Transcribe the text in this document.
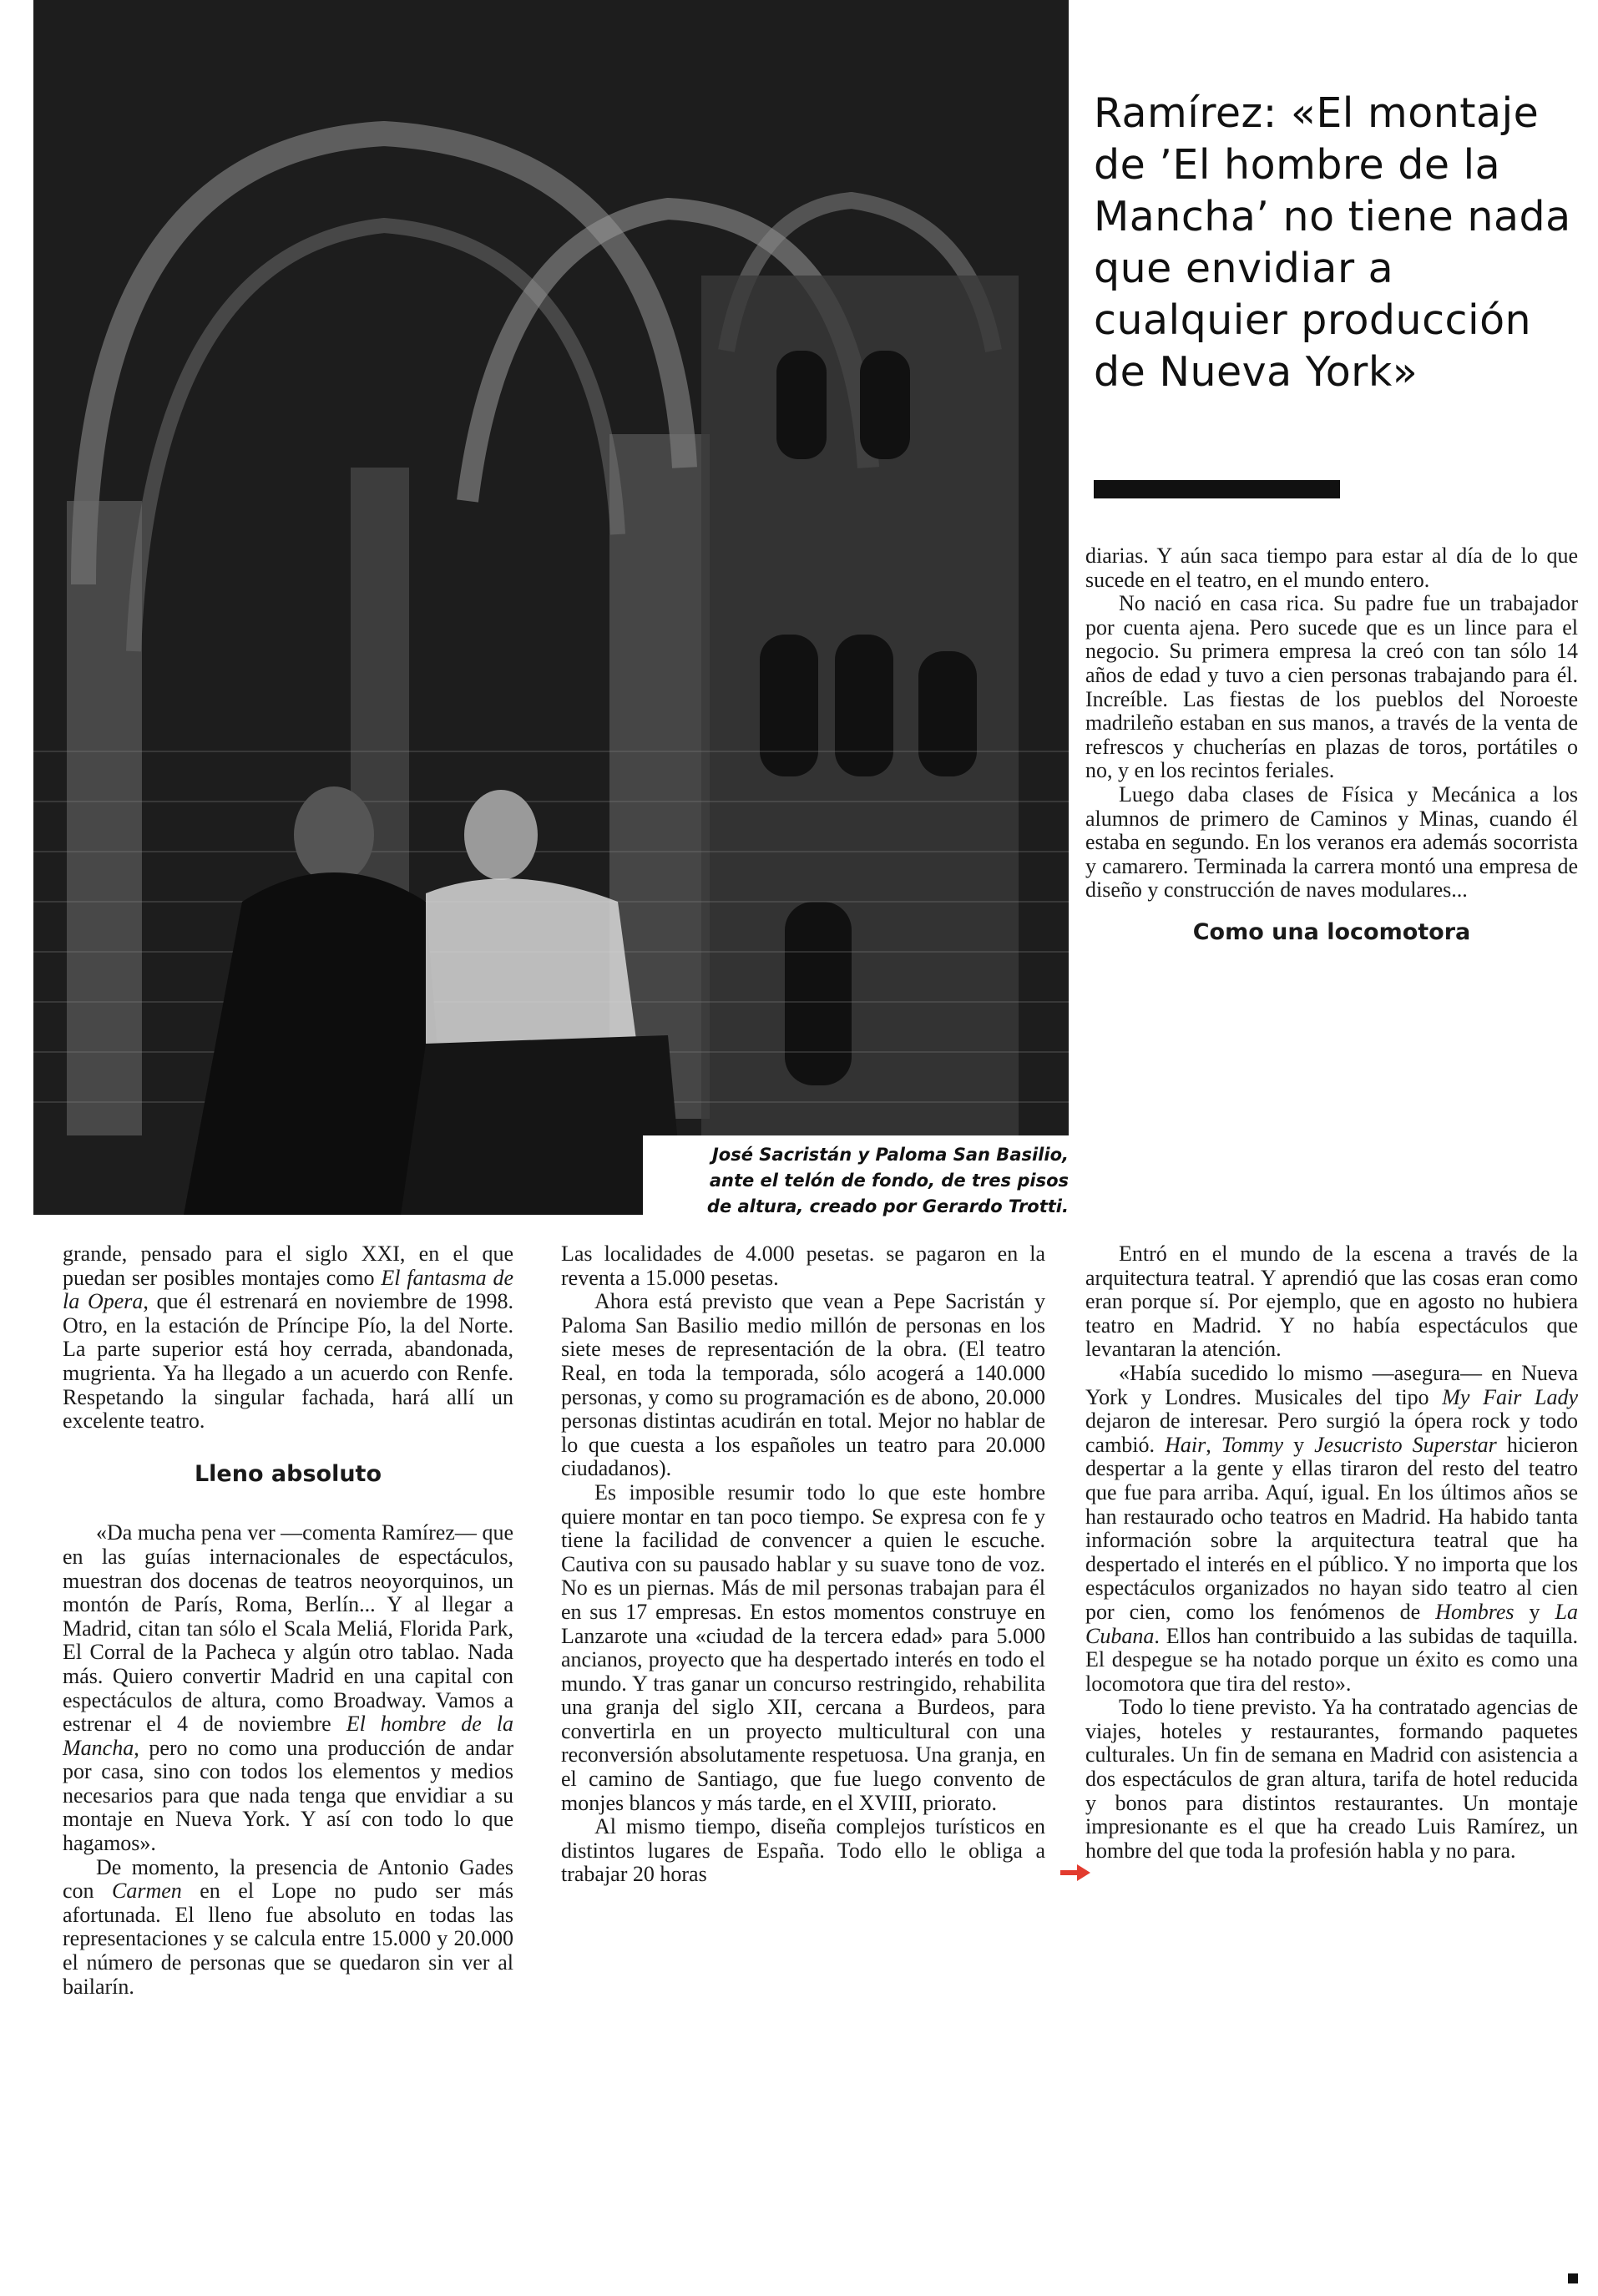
José Sacristán y Paloma San Basilio,
ante el telón de fondo, de tres pisos
de altura, creado por Gerardo Trotti.
Ramírez: «El montaje de ’El hombre de la Mancha’ no tiene nada que envidiar a cualquier producción de Nueva York»

grande, pensado para el siglo XXI, en el que puedan ser posibles montajes como El fantasma de la Opera, que él estrenará en noviembre de 1998. Otro, en la estación de Príncipe Pío, la del Norte. La parte superior está hoy cerrada, abandonada, mugrienta. Ya ha llegado a un acuerdo con Renfe. Respetando la singular fachada, hará allí un excelente teatro.

Lleno absoluto

«Da mucha pena ver —comenta Ramírez— que en las guías internacionales de espectáculos, muestran dos docenas de teatros neoyorquinos, un montón de París, Roma, Berlín... Y al llegar a Madrid, citan tan sólo el Scala Meliá, Florida Park, El Corral de la Pacheca y algún otro tablao. Nada más. Quiero convertir Madrid en una capital con espectáculos de altura, como Broadway. Vamos a estrenar el 4 de noviembre El hombre de la Mancha, pero no como una producción de andar por casa, sino con todos los elementos y medios necesarios para que nada tenga que envidiar a su montaje en Nueva York. Y así con todo lo que hagamos».

De momento, la presencia de Antonio Gades con Carmen en el Lope no pudo ser más afortunada. El lleno fue absoluto en todas las representaciones y se calcula entre 15.000 y 20.000 el número de personas que se quedaron sin ver al bailarín.

Las localidades de 4.000 pesetas. se pagaron en la reventa a 15.000 pesetas.

Ahora está previsto que vean a Pepe Sacristán y Paloma San Basilio medio millón de personas en los siete meses de representación de la obra. (El teatro Real, en toda la temporada, sólo acogerá a 140.000 personas, y como su programación es de abono, 20.000 personas distintas acudirán en total. Mejor no hablar de lo que cuesta a los españoles un teatro para 20.000 ciudadanos).

Es imposible resumir todo lo que este hombre quiere montar en tan poco tiempo. Se expresa con fe y tiene la facilidad de convencer a quien le escuche. Cautiva con su pausado hablar y su suave tono de voz. No es un piernas. Más de mil personas trabajan para él en sus 17 empresas. En estos momentos construye en Lanzarote una «ciudad de la tercera edad» para 5.000 ancianos, proyecto que ha despertado interés en todo el mundo. Y tras ganar un concurso restringido, rehabilita una granja del siglo XII, cercana a Burdeos, para convertirla en un proyecto multicultural con una reconversión absolutamente respetuosa. Una granja, en el camino de Santiago, que fue luego convento de monjes blancos y más tarde, en el XVIII, priorato.

Al mismo tiempo, diseña complejos turísticos en distintos lugares de España. Todo ello le obliga a trabajar 20 horas

diarias. Y aún saca tiempo para estar al día de lo que sucede en el teatro, en el mundo entero.

No nació en casa rica. Su padre fue un trabajador por cuenta ajena. Pero sucede que es un lince para el negocio. Su primera empresa la creó con tan sólo 14 años de edad y tuvo a cien personas trabajando para él. Increíble. Las fiestas de los pueblos del Noroeste madrileño estaban en sus manos, a través de la venta de refrescos y chucherías en plazas de toros, portátiles o no, y en los recintos feriales.

Luego daba clases de Física y Mecánica a los alumnos de primero de Caminos y Minas, cuando él estaba en segundo. En los veranos era además socorrista y camarero. Terminada la carrera montó una empresa de diseño y construcción de naves modulares...

Como una locomotora

Entró en el mundo de la escena a través de la arquitectura teatral. Y aprendió que las cosas eran como eran porque sí. Por ejemplo, que en agosto no hubiera teatro en Madrid. Y no había espectáculos que levantaran la atención.

«Había sucedido lo mismo —asegura— en Nueva York y Londres. Musicales del tipo My Fair Lady dejaron de interesar. Pero surgió la ópera rock y todo cambió. Hair, Tommy y Jesucristo Superstar hicieron despertar a la gente y ellas tiraron del resto del teatro que fue para arriba. Aquí, igual. En los últimos años se han restaurado ocho teatros en Madrid. Ha habido tanta información sobre la arquitectura teatral que ha despertado el interés en el público. Y no importa que los espectáculos organizados no hayan sido teatro al cien por cien, como los fenómenos de Hombres y La Cubana. Ellos han contribuido a las subidas de taquilla. El despegue se ha notado porque un éxito es como una locomotora que tira del resto».

Todo lo tiene previsto. Ya ha contratado agencias de viajes, hoteles y restaurantes, formando paquetes culturales. Un fin de semana en Madrid con asistencia a dos espectáculos de gran altura, tarifa de hotel reducida y bonos para distintos restaurantes. Un montaje impresionante es el que ha creado Luis Ramírez, un hombre del que toda la profesión habla y no para.
